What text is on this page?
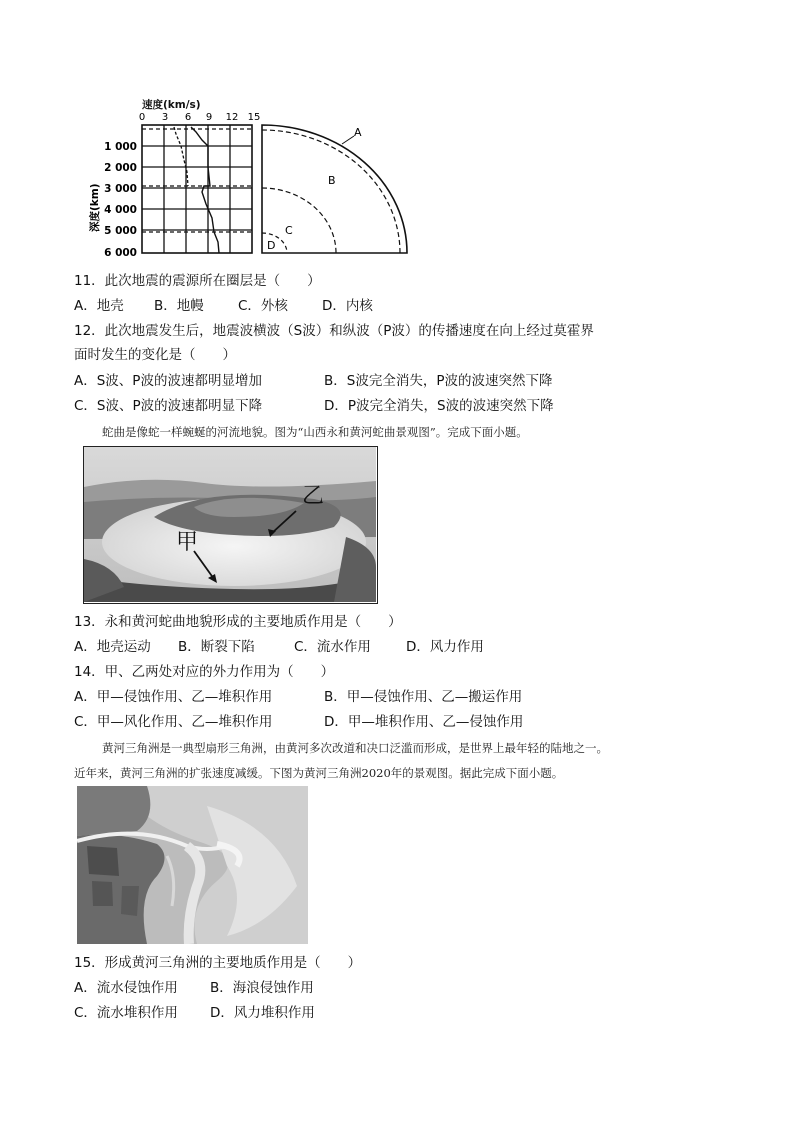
速度(km/s)
0 3 6 9 12 15
1 000
2 000
3 000
4 000
5 000
6 000
深度(km)
A
B
C
D
11．此次地震的震源所在圈层是（　　）
A．地壳 B．地幔	C．外核	D．内核
12．此次地震发生后，地震波横波（S波）和纵波（P波）的传播速度在向上经过莫霍界
面时发生的变化是（　　）
A．S波、P波的波速都明显增加	B．S波完全消失，P波的波速突然下降
C．S波、P波的波速都明显下降	D．P波完全消失，S波的波速突然下降
蛇曲是像蛇一样蜿蜒的河流地貌。图为“山西永和黄河蛇曲景观图”。完成下面小题。
乙
甲
13．永和黄河蛇曲地貌形成的主要地质作用是（　　）
A．地壳运动 B．断裂下陷	C．流水作用	D．风力作用
14．甲、乙两处对应的外力作用为（　　）
A．甲—侵蚀作用、乙—堆积作用	B．甲—侵蚀作用、乙—搬运作用
C．甲—风化作用、乙—堆积作用	D．甲—堆积作用、乙—侵蚀作用
黄河三角洲是一典型扇形三角洲，由黄河多次改道和决口泛滥而形成，是世界上最年轻的陆地之一。
近年来，黄河三角洲的扩张速度减缓。下图为黄河三角洲2020年的景观图。据此完成下面小题。
15．形成黄河三角洲的主要地质作用是（　　）
A．流水侵蚀作用 B．海浪侵蚀作用
C．流水堆积作用 D．风力堆积作用
